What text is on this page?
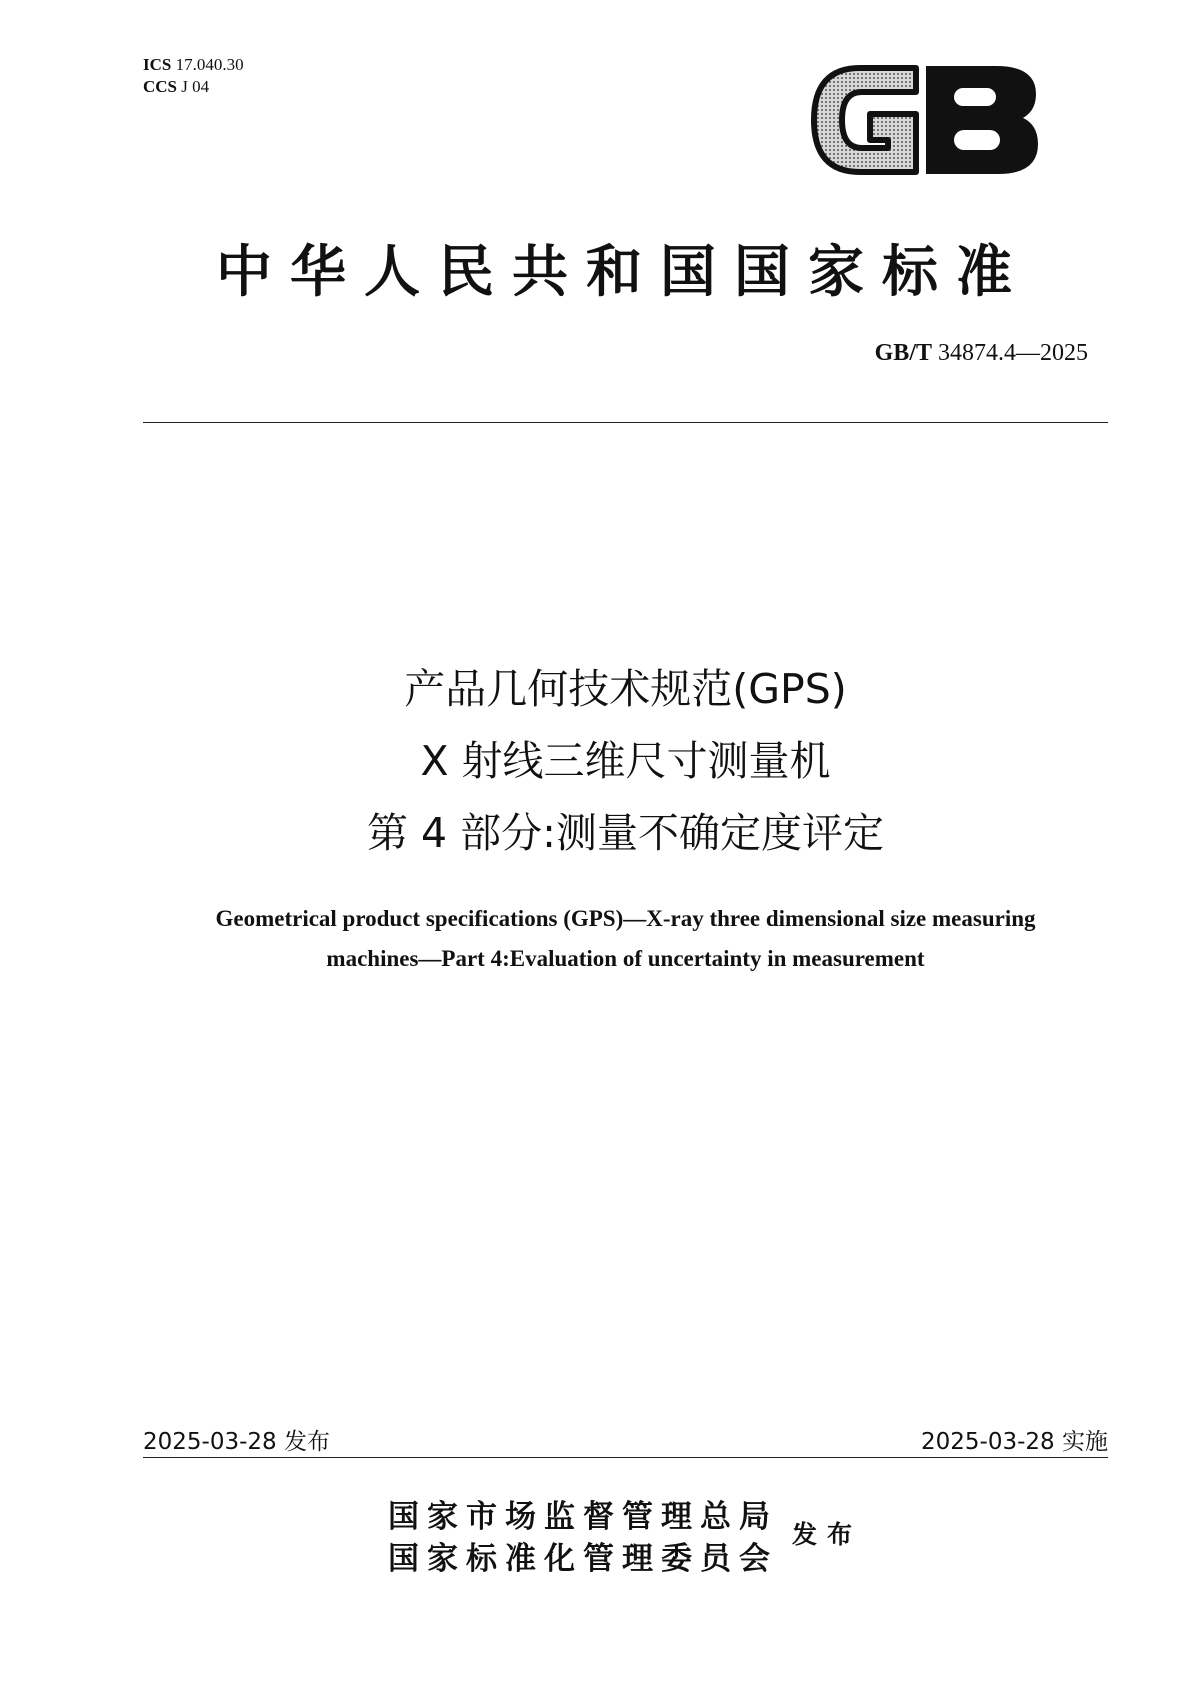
ICS 17.040.30
CCS J 04
中华人民共和国国家标准
GB/T 34874.4—2025
产品几何技术规范(GPS)
X 射线三维尺寸测量机
第 4 部分:测量不确定度评定
Geometrical product specifications (GPS)—X-ray three dimensional size measuring
machines—Part 4:Evaluation of uncertainty in measurement
2025-03-28 发布	2025-03-28 实施
国家市场监督管理总局
国家标准化管理委员会
发布
